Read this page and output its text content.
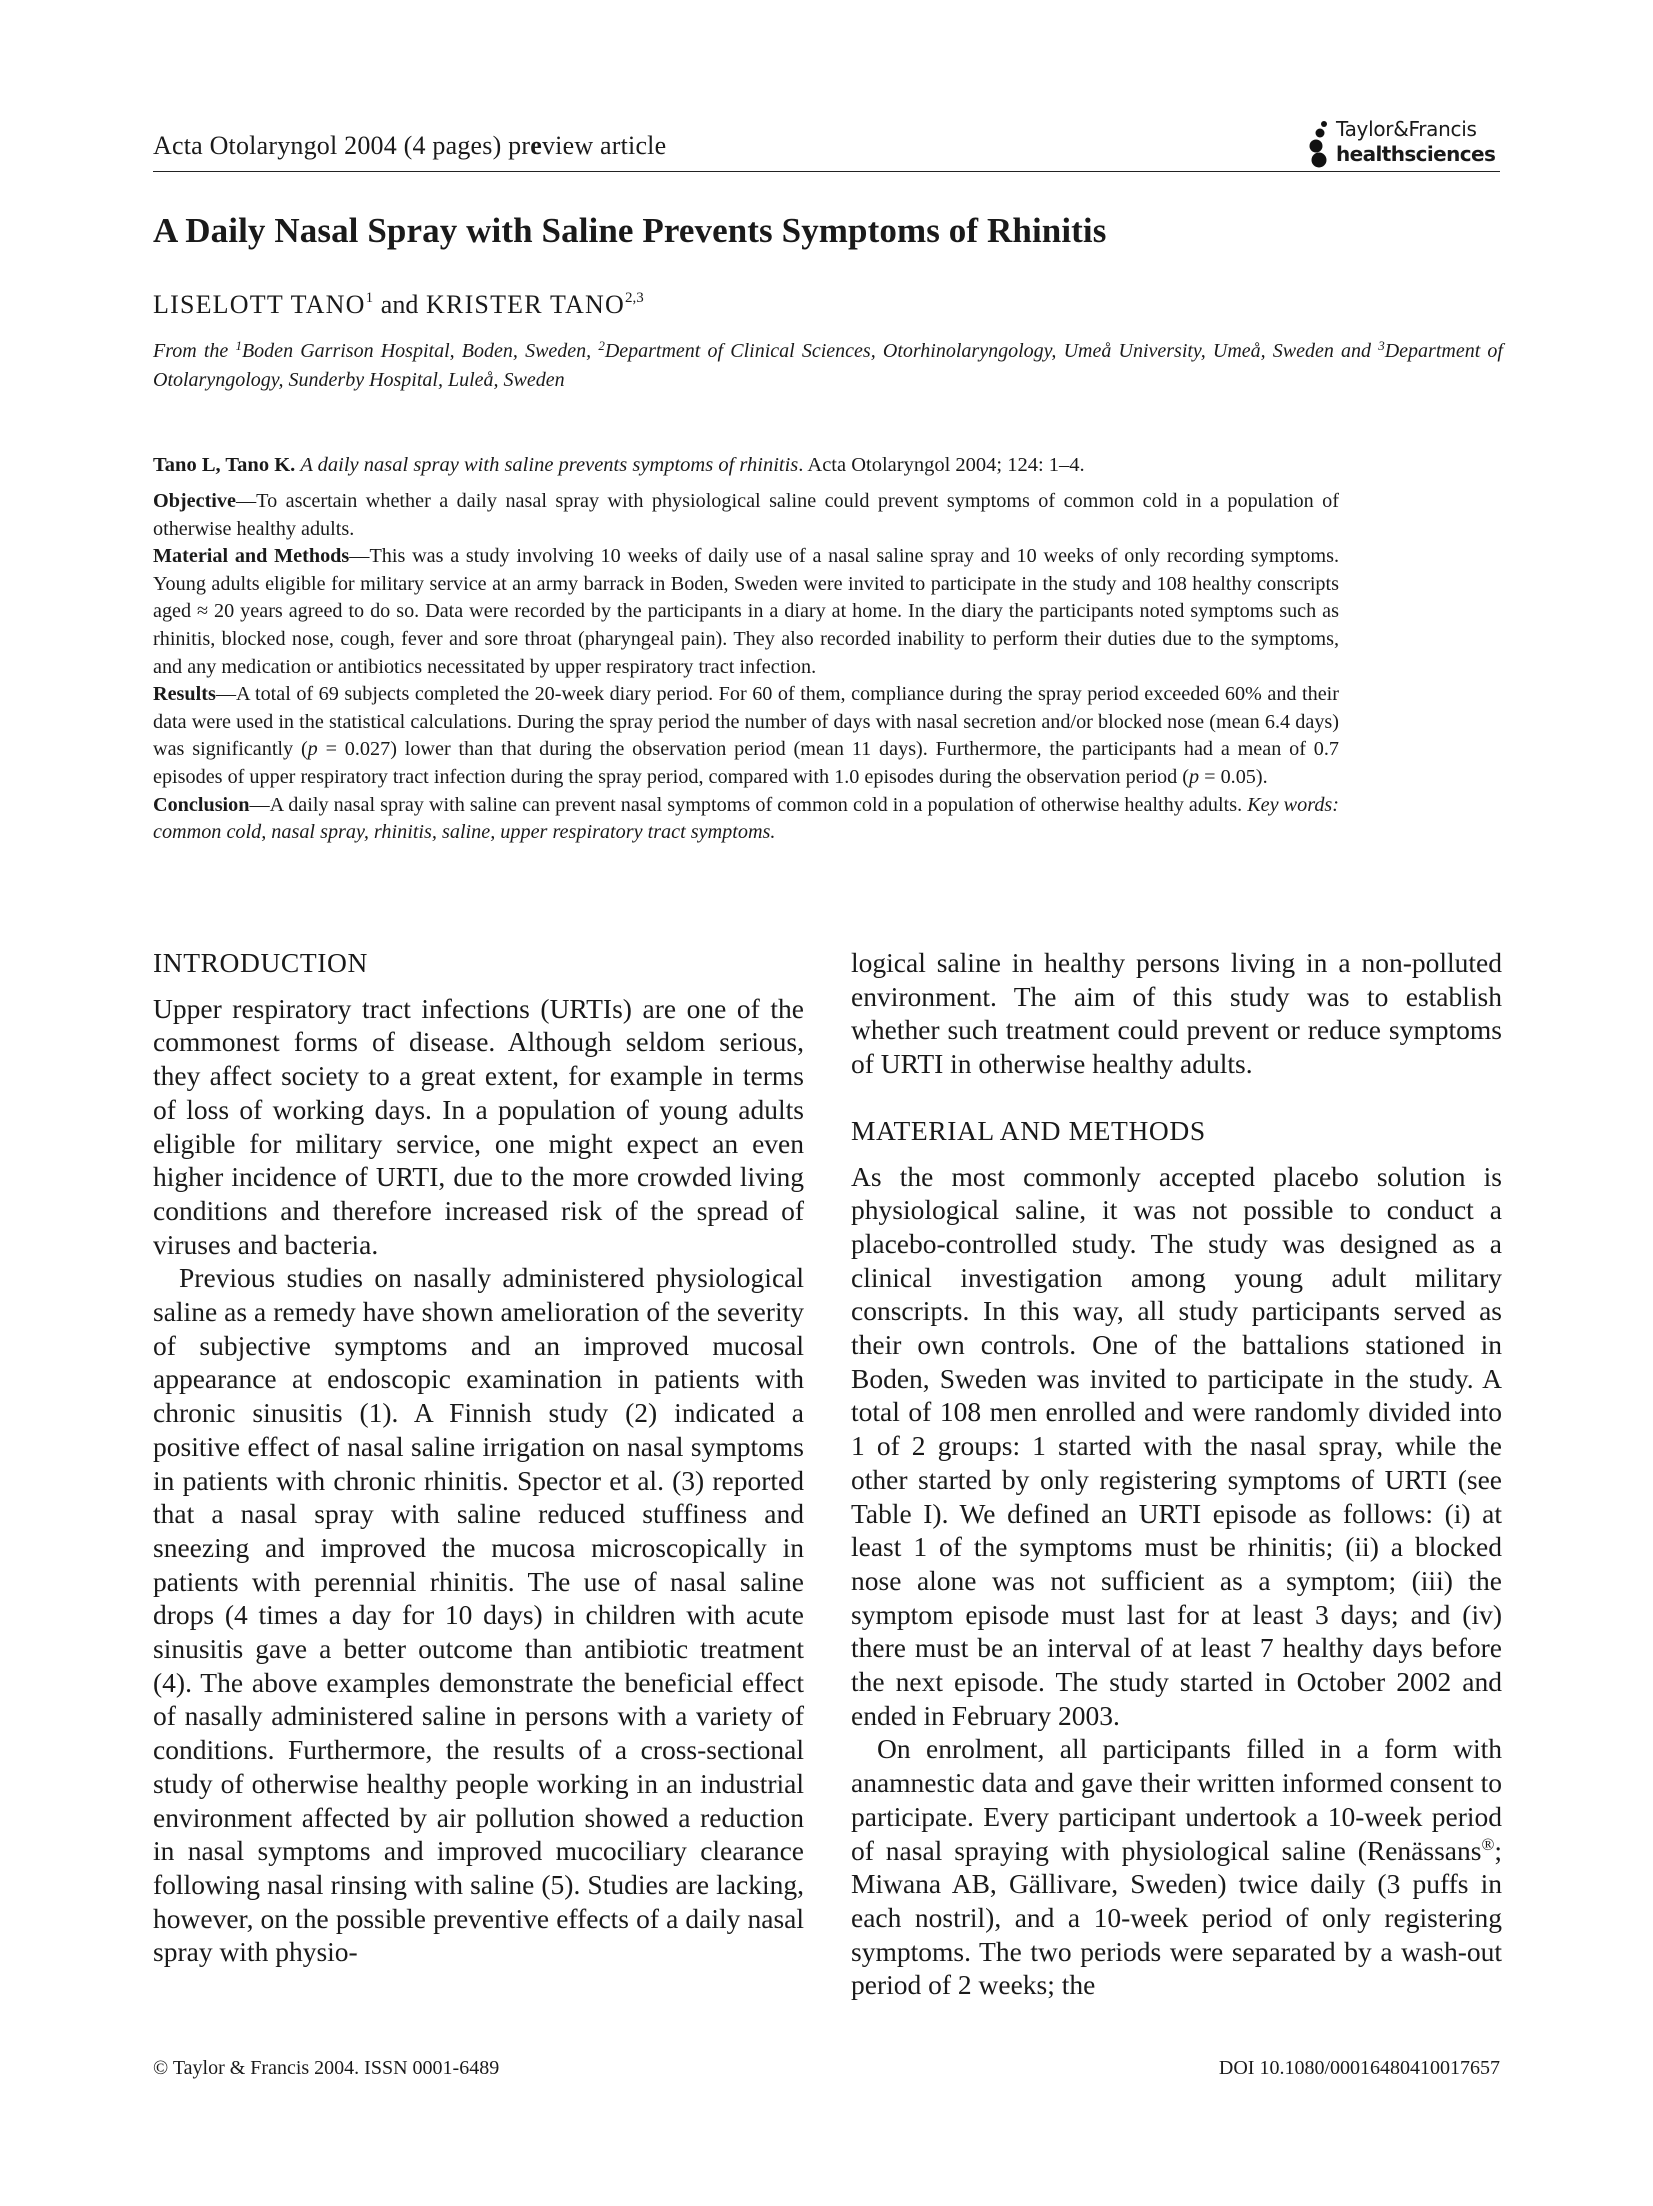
Acta Otolaryngol 2004 (4 pages) preview article
Taylor&Francis
healthsciences
A Daily Nasal Spray with Saline Prevents Symptoms of Rhinitis
LISELOTT TANO$^1$ and KRISTER TANO$^{2,3}$
From the $^1$Boden Garrison Hospital, Boden, Sweden, $^2$Department of Clinical Sciences, Otorhinolaryngology, Umeå University, Umeå, Sweden and $^3$Department of Otolaryngology, Sunderby Hospital, Luleå, Sweden
Tano L, Tano K. A daily nasal spray with saline prevents symptoms of rhinitis. Acta Otolaryngol 2004; 124: 1–4.

Objective—To ascertain whether a daily nasal spray with physiological saline could prevent symptoms of common cold in a population of otherwise healthy adults.

Material and Methods—This was a study involving 10 weeks of daily use of a nasal saline spray and 10 weeks of only recording symptoms. Young adults eligible for military service at an army barrack in Boden, Sweden were invited to participate in the study and 108 healthy conscripts aged ≈ 20 years agreed to do so. Data were recorded by the participants in a diary at home. In the diary the participants noted symptoms such as rhinitis, blocked nose, cough, fever and sore throat (pharyngeal pain). They also recorded inability to perform their duties due to the symptoms, and any medication or antibiotics necessitated by upper respiratory tract infection.

Results—A total of 69 subjects completed the 20-week diary period. For 60 of them, compliance during the spray period exceeded 60% and their data were used in the statistical calculations. During the spray period the number of days with nasal secretion and/or blocked nose (mean 6.4 days) was significantly (p = 0.027) lower than that during the observation period (mean 11 days). Furthermore, the participants had a mean of 0.7 episodes of upper respiratory tract infection during the spray period, compared with 1.0 episodes during the observation period (p = 0.05).

Conclusion—A daily nasal spray with saline can prevent nasal symptoms of common cold in a population of otherwise healthy adults. Key words: common cold, nasal spray, rhinitis, saline, upper respiratory tract symptoms.

INTRODUCTION

Upper respiratory tract infections (URTIs) are one of the commonest forms of disease. Although seldom serious, they affect society to a great extent, for example in terms of loss of working days. In a population of young adults eligible for military service, one might expect an even higher incidence of URTI, due to the more crowded living conditions and therefore increased risk of the spread of viruses and bacteria.

Previous studies on nasally administered physiological saline as a remedy have shown amelioration of the severity of subjective symptoms and an improved mucosal appearance at endoscopic examination in patients with chronic sinusitis (1). A Finnish study (2) indicated a positive effect of nasal saline irrigation on nasal symptoms in patients with chronic rhinitis. Spector et al. (3) reported that a nasal spray with saline reduced stuffiness and sneezing and improved the mucosa microscopically in patients with perennial rhinitis. The use of nasal saline drops (4 times a day for 10 days) in children with acute sinusitis gave a better outcome than antibiotic treatment (4). The above examples demonstrate the beneficial effect of nasally administered saline in persons with a variety of conditions. Furthermore, the results of a cross-sectional study of otherwise healthy people working in an industrial environment affected by air pollution showed a reduction in nasal symptoms and improved mucociliary clearance following nasal rinsing with saline (5). Studies are lacking, however, on the possible preventive effects of a daily nasal spray with physio-

logical saline in healthy persons living in a non-polluted environment. The aim of this study was to establish whether such treatment could prevent or reduce symptoms of URTI in otherwise healthy adults.

MATERIAL AND METHODS

As the most commonly accepted placebo solution is physiological saline, it was not possible to conduct a placebo-controlled study. The study was designed as a clinical investigation among young adult military conscripts. In this way, all study participants served as their own controls. One of the battalions stationed in Boden, Sweden was invited to participate in the study. A total of 108 men enrolled and were randomly divided into 1 of 2 groups: 1 started with the nasal spray, while the other started by only registering symptoms of URTI (see Table I). We defined an URTI episode as follows: (i) at least 1 of the symptoms must be rhinitis; (ii) a blocked nose alone was not sufficient as a symptom; (iii) the symptom episode must last for at least 3 days; and (iv) there must be an interval of at least 7 healthy days before the next episode. The study started in October 2002 and ended in February 2003.

On enrolment, all participants filled in a form with anamnestic data and gave their written informed consent to participate. Every participant undertook a 10-week period of nasal spraying with physiological saline (Renässans®; Miwana AB, Gällivare, Sweden) twice daily (3 puffs in each nostril), and a 10-week period of only registering symptoms. The two periods were separated by a wash-out period of 2 weeks; the

© Taylor & Francis 2004. ISSN 0001-6489	DOI 10.1080/00016480410017657
